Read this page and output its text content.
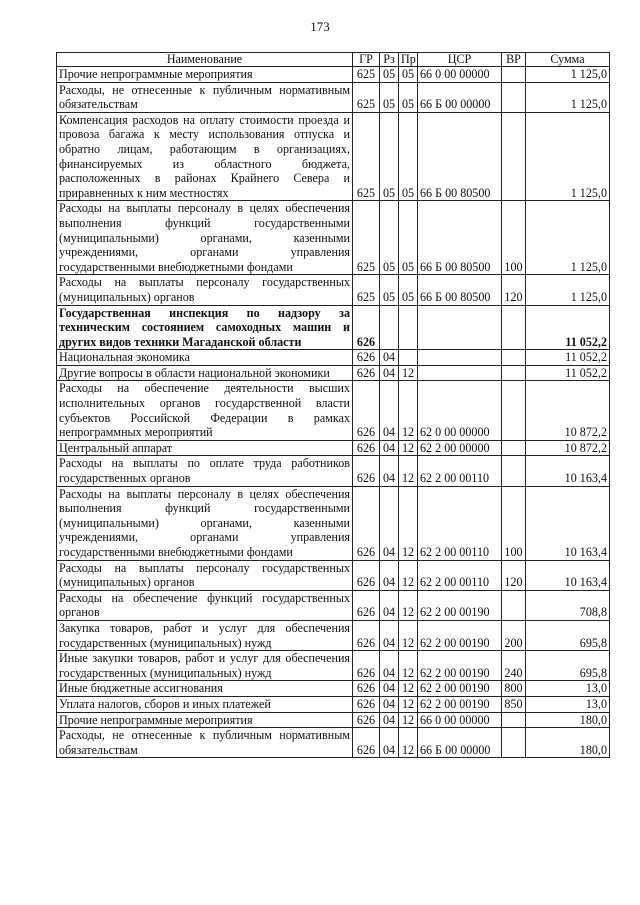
173
Наименование	ГР	Рз	Пр	ЦСР	ВР	Сумма
Прочие непрограммные мероприятия	625	05	05	66 0 00 00000		1 125,0
Расходы, не отнесенные к публичным нормативным обязательствам	625	05	05	66 Б 00 00000		1 125,0
Компенсация расходов на оплату стоимости проезда и провоза багажа к месту использования отпуска и обратно лицам, работающим в организациях, финансируемых из областного бюджета, расположенных в районах Крайнего Севера и приравненных к ним местностях	625	05	05	66 Б 00 80500		1 125,0
Расходы на выплаты персоналу в целях обеспечения выполнения функций государственными (муниципальными) органами, казенными учреждениями, органами управления государственными внебюджетными фондами	625	05	05	66 Б 00 80500	100	1 125,0
Расходы на выплаты персоналу государственных (муниципальных) органов	625	05	05	66 Б 00 80500	120	1 125,0
Государственная инспекция по надзору за техническим состоянием самоходных машин и других видов техники Магаданской области	626					11 052,2
Национальная экономика	626	04				11 052,2
Другие вопросы в области национальной экономики	626	04	12			11 052,2
Расходы на обеспечение деятельности высших исполнительных органов государственной власти субъектов Российской Федерации в рамках непрограммных мероприятий	626	04	12	62 0 00 00000		10 872,2
Центральный аппарат	626	04	12	62 2 00 00000		10 872,2
Расходы на выплаты по оплате труда работников государственных органов	626	04	12	62 2 00 00110		10 163,4
Расходы на выплаты персоналу в целях обеспечения выполнения функций государственными (муниципальными) органами, казенными учреждениями, органами управления государственными внебюджетными фондами	626	04	12	62 2 00 00110	100	10 163,4
Расходы на выплаты персоналу государственных (муниципальных) органов	626	04	12	62 2 00 00110	120	10 163,4
Расходы на обеспечение функций государственных органов	626	04	12	62 2 00 00190		708,8
Закупка товаров, работ и услуг для обеспечения государственных (муниципальных) нужд	626	04	12	62 2 00 00190	200	695,8
Иные закупки товаров, работ и услуг для обеспечения государственных (муниципальных) нужд	626	04	12	62 2 00 00190	240	695,8
Иные бюджетные ассигнования	626	04	12	62 2 00 00190	800	13,0
Уплата налогов, сборов и иных платежей	626	04	12	62 2 00 00190	850	13,0
Прочие непрограммные мероприятия	626	04	12	66 0 00 00000		180,0
Расходы, не отнесенные к публичным нормативным обязательствам	626	04	12	66 Б 00 00000		180,0
